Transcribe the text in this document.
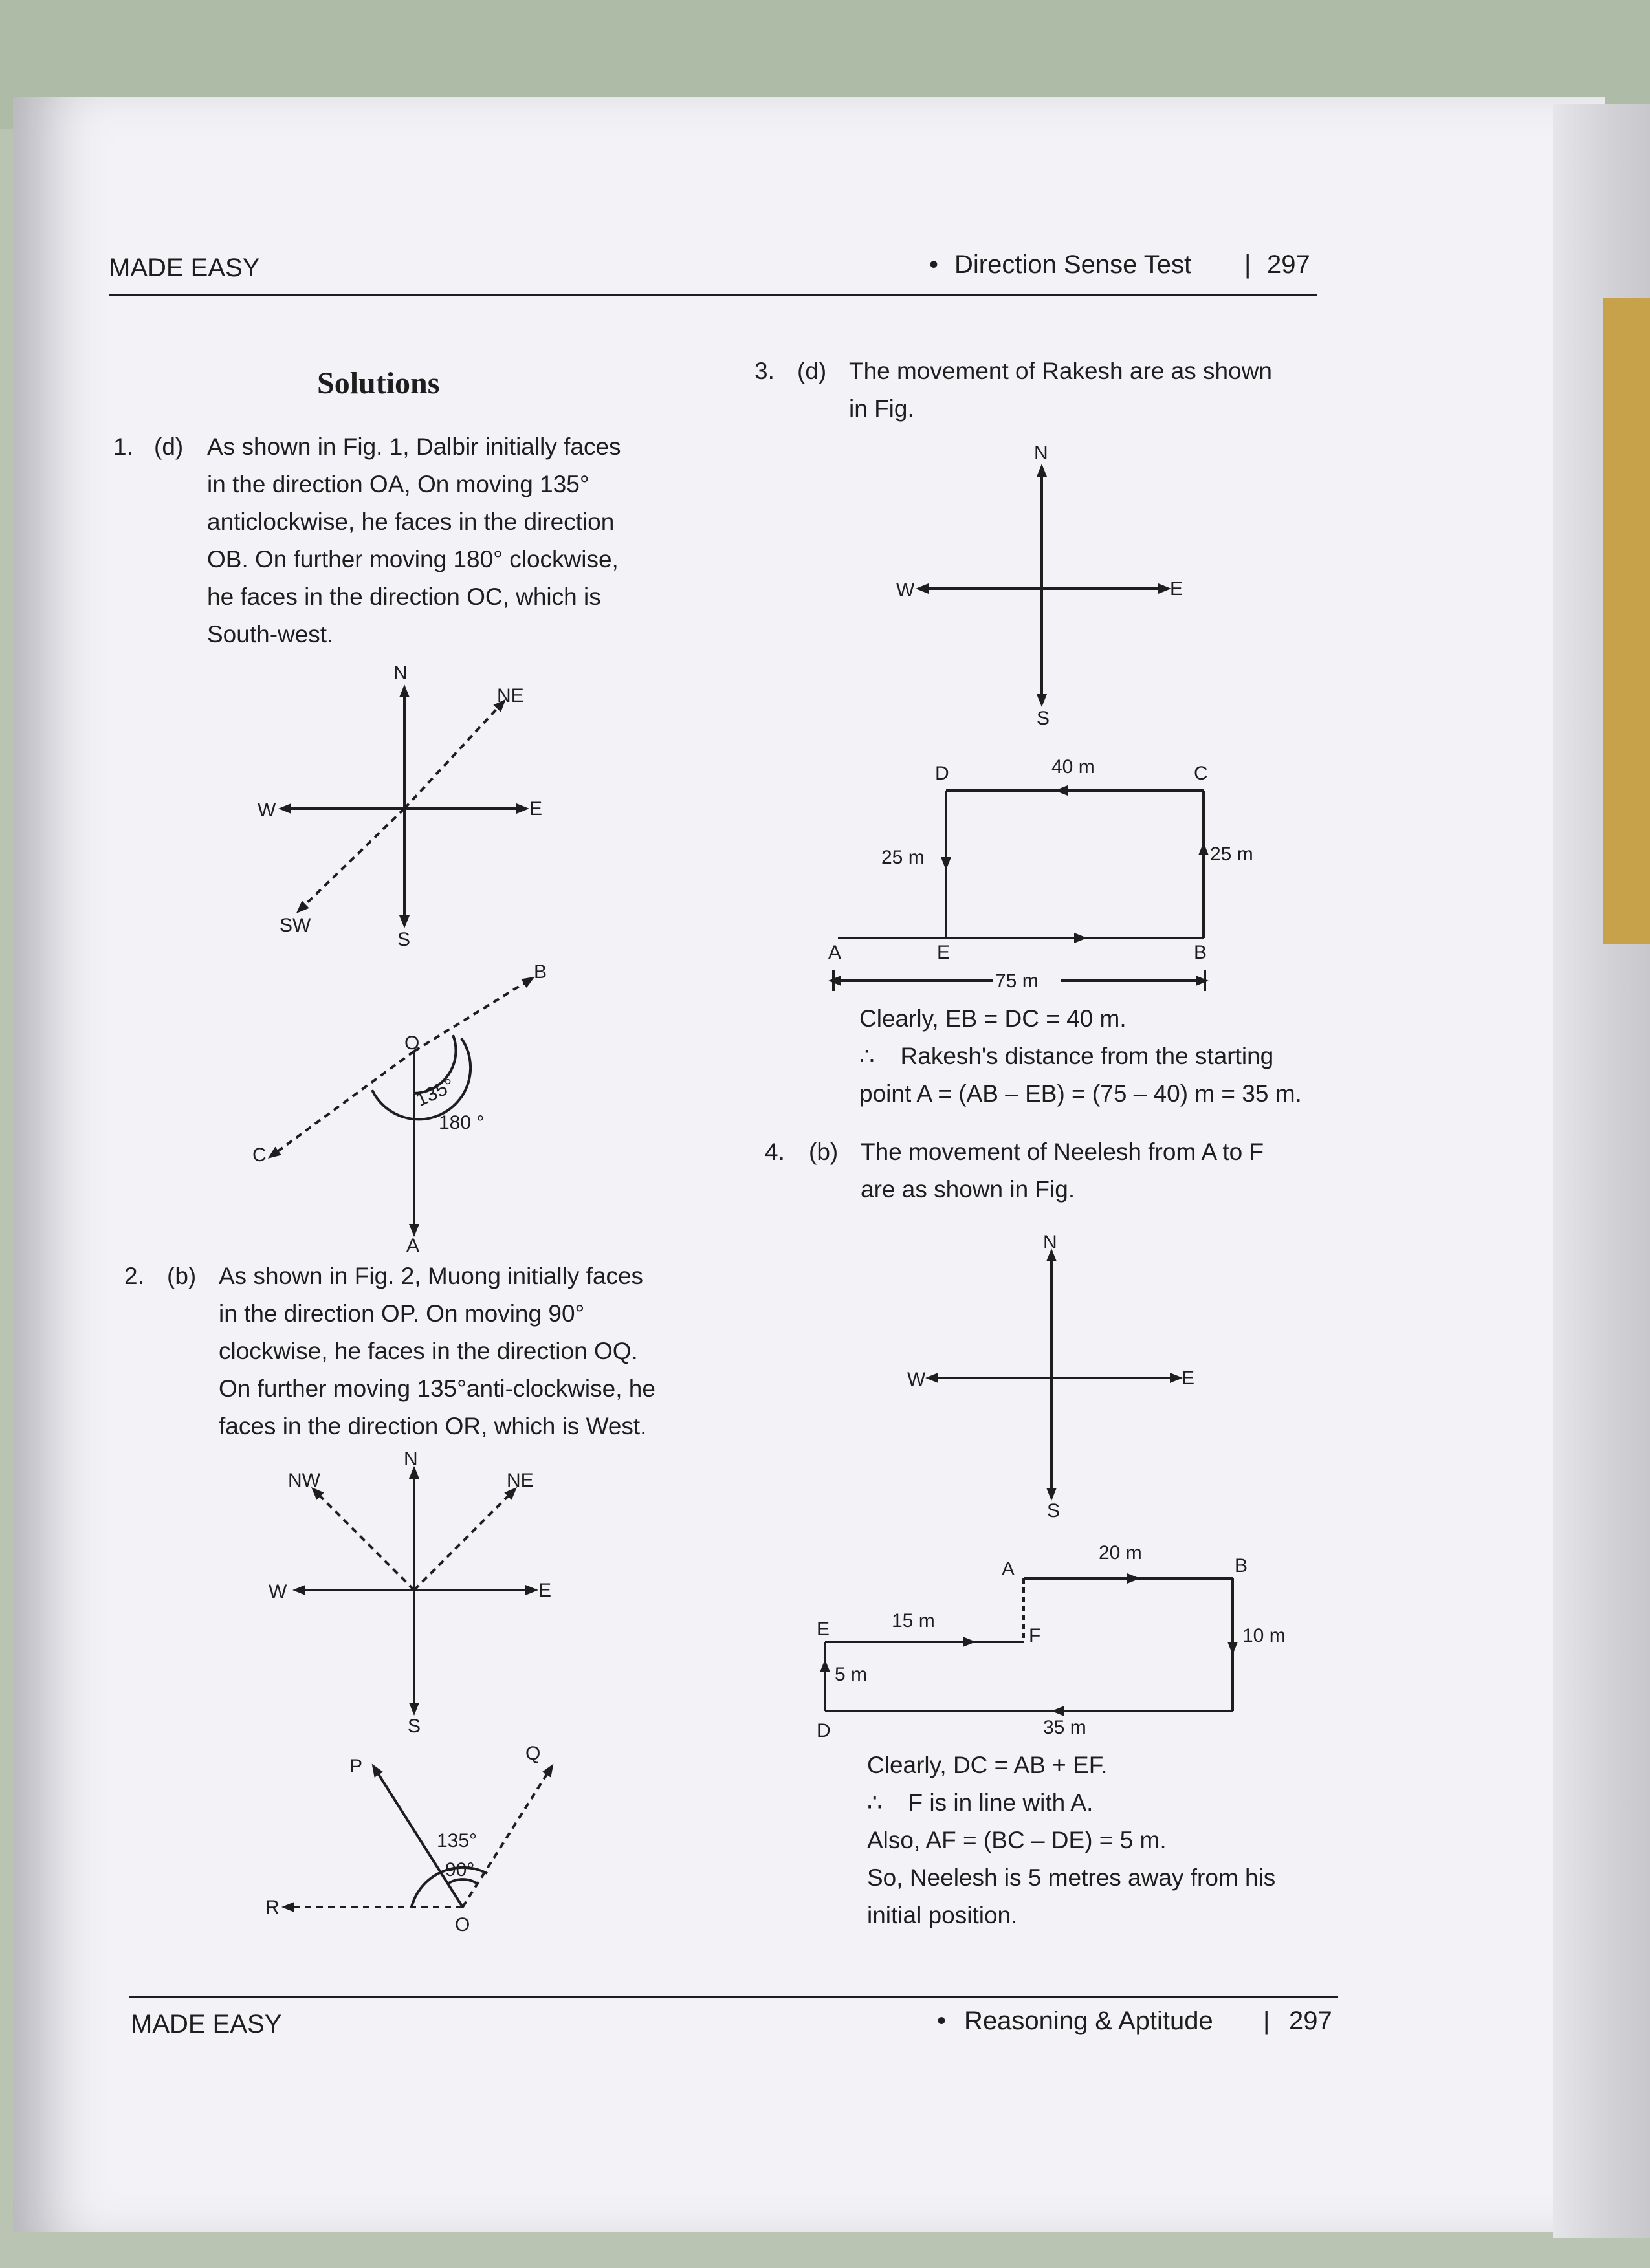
MADE EASY	• Direction Sense Test | 297
Solutions
1. (d) As shown in Fig. 1, Dalbir initially faces

in the direction OA, On moving 135°

anticlockwise, he faces in the direction

OB. On further moving 180° clockwise,

he faces in the direction OC, which is

South-west.

2. (b) As shown in Fig. 2, Muong initially faces

in the direction OP. On moving 90°

clockwise, he faces in the direction OQ.

On further moving 135°anti-clockwise, he

faces in the direction OR, which is West.

3. (d) The movement of Rakesh are as shown

in Fig.

Clearly, EB = DC = 40 m.

∴ Rakesh's distance from the starting

point A = (AB – EB) = (75 – 40) m = 35 m.

4. (b) The movement of Neelesh from A to F

are as shown in Fig.

Clearly, DC = AB + EF.

∴ F is in line with A.

Also, AF = (BC – DE) = 5 m.

So, Neelesh is 5 metres away from his

initial position.

MADE EASY	• Reasoning & Aptitude | 297
N
E
S
W
NE
SW
O
A
B
C
135°
180 °
N
E
S
W
NE
NW
P
Q
R
O
135°
90°
N
E
S
W
A	E	B
C
D	40 m
25 m	25 m
75 m
N
E
S
W
A	B
D
E	F
20 m
10 m
35 m
5 m
15 m
